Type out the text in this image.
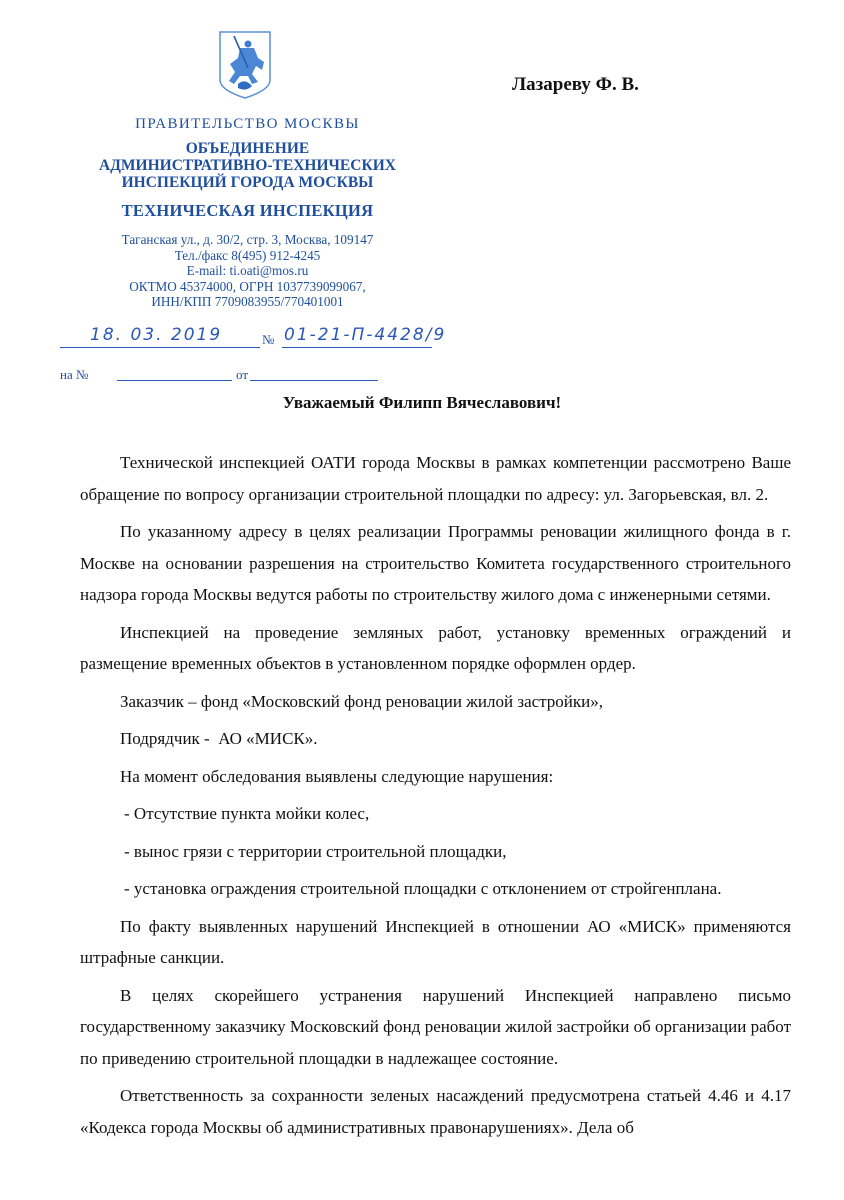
ПРАВИТЕЛЬСТВО МОСКВЫ
ОБЪЕДИНЕНИЕ
АДМИНИСТРАТИВНО-ТЕХНИЧЕСКИХ
ИНСПЕКЦИЙ ГОРОДА МОСКВЫ
ТЕХНИЧЕСКАЯ ИНСПЕКЦИЯ
Таганская ул., д. 30/2, стр. 3, Москва, 109147
Тел./факс 8(495) 912-4245
E-mail: ti.oati@mos.ru
ОКТМО 45374000, ОГРН 1037739099067,
ИНН/КПП 7709083955/770401001
Лазареву Ф. В.
18. 03. 2019	№ 01-21-П-4428/9
на №	от
Уважаемый Филипп Вячеславович!

Технической инспекцией ОАТИ города Москвы в рамках компетенции рассмотрено Ваше обращение по вопросу организации строительной площадки по адресу: ул. Загорьевская, вл. 2.

По указанному адресу в целях реализации Программы реновации жилищного фонда в г. Москве на основании разрешения на строительство Комитета государственного строительного надзора города Москвы ведутся работы по строительству жилого дома с инженерными сетями.

Инспекцией на проведение земляных работ, установку временных ограждений и размещение временных объектов в установленном порядке оформлен ордер.

Заказчик – фонд «Московский фонд реновации жилой застройки»,

Подрядчик -  АО «МИСК».

На момент обследования выявлены следующие нарушения:

- Отсутствие пункта мойки колес,

- вынос грязи с территории строительной площадки,

- установка ограждения строительной площадки с отклонением от стройгенплана.

По факту выявленных нарушений Инспекцией в отношении АО «МИСК» применяются штрафные санкции.

В целях скорейшего устранения нарушений Инспекцией направлено письмо государственному заказчику Московский фонд реновации жилой застройки об организации работ по приведению строительной площадки в надлежащее состояние.

Ответственность за сохранности зеленых насаждений предусмотрена статьей 4.46 и 4.17 «Кодекса города Москвы об административных правонарушениях». Дела об
